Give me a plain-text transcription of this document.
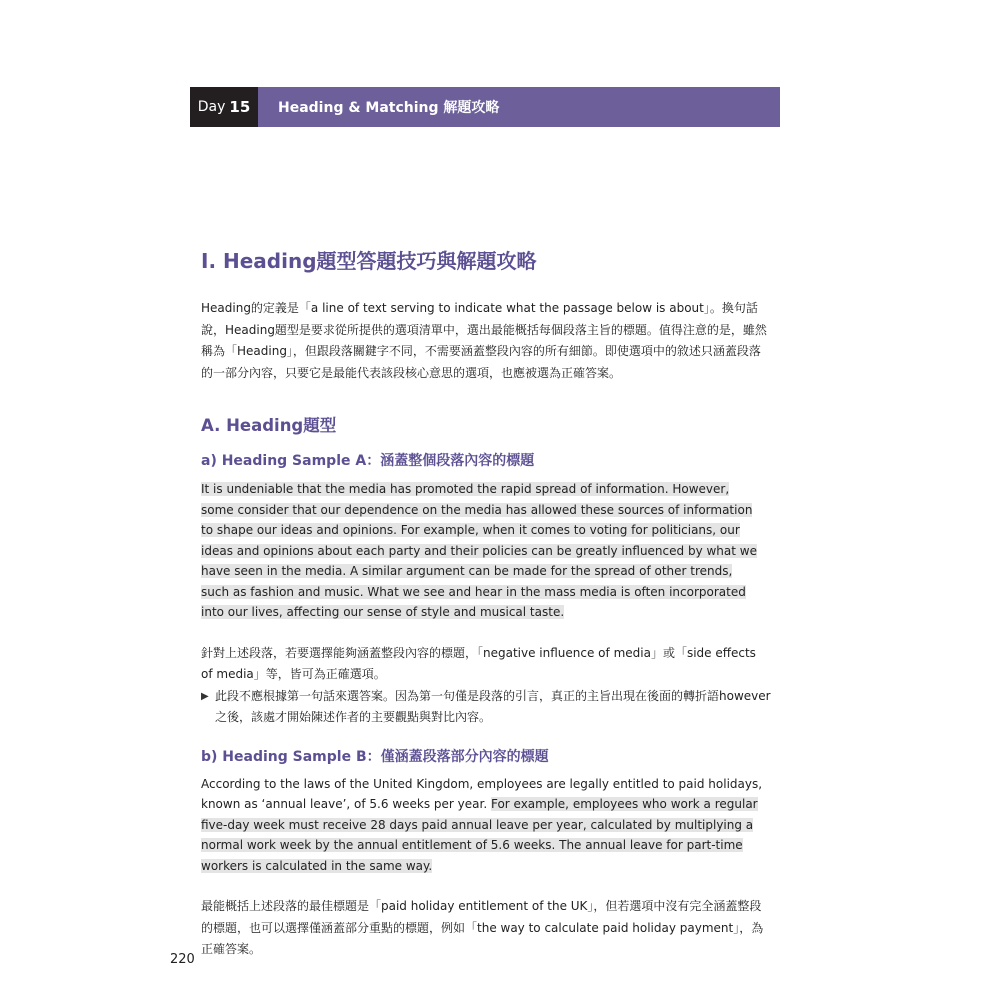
Day 15	Heading & Matching 解題攻略
I. Heading題型答題技巧與解題攻略

Heading的定義是「a line of text serving to indicate what the passage below is about」。換句話說，Heading題型是要求從所提供的選項清單中，選出最能概括每個段落主旨的標題。值得注意的是，雖然稱為「Heading」，但跟段落關鍵字不同，不需要涵蓋整段內容的所有細節。即使選項中的敘述只涵蓋段落的一部分內容，只要它是最能代表該段核心意思的選項，也應被選為正確答案。

A. Heading題型
a) Heading Sample A：涵蓋整個段落內容的標題
It is undeniable that the media has promoted the rapid spread of information. However, some consider that our dependence on the media has allowed these sources of information to shape our ideas and opinions. For example, when it comes to voting for politicians, our ideas and opinions about each party and their policies can be greatly influenced by what we have seen in the media. A similar argument can be made for the spread of other trends, such as fashion and music. What we see and hear in the mass media is often incorporated into our lives, affecting our sense of style and musical taste.

針對上述段落，若要選擇能夠涵蓋整段內容的標題，「negative influence of media」或「side effects of media」等，皆可為正確選項。

▶ 此段不應根據第一句話來選答案。因為第一句僅是段落的引言，真正的主旨出現在後面的轉折語however之後，該處才開始陳述作者的主要觀點與對比內容。
b) Heading Sample B：僅涵蓋段落部分內容的標題
According to the laws of the United Kingdom, employees are legally entitled to paid holidays, known as ‘annual leave’, of 5.6 weeks per year. For example, employees who work a regular five-day week must receive 28 days paid annual leave per year, calculated by multiplying a normal work week by the annual entitlement of 5.6 weeks. The annual leave for part-time workers is calculated in the same way.

最能概括上述段落的最佳標題是「paid holiday entitlement of the UK」，但若選項中沒有完全涵蓋整段的標題，也可以選擇僅涵蓋部分重點的標題，例如「the way to calculate paid holiday payment」，為正確答案。

220
